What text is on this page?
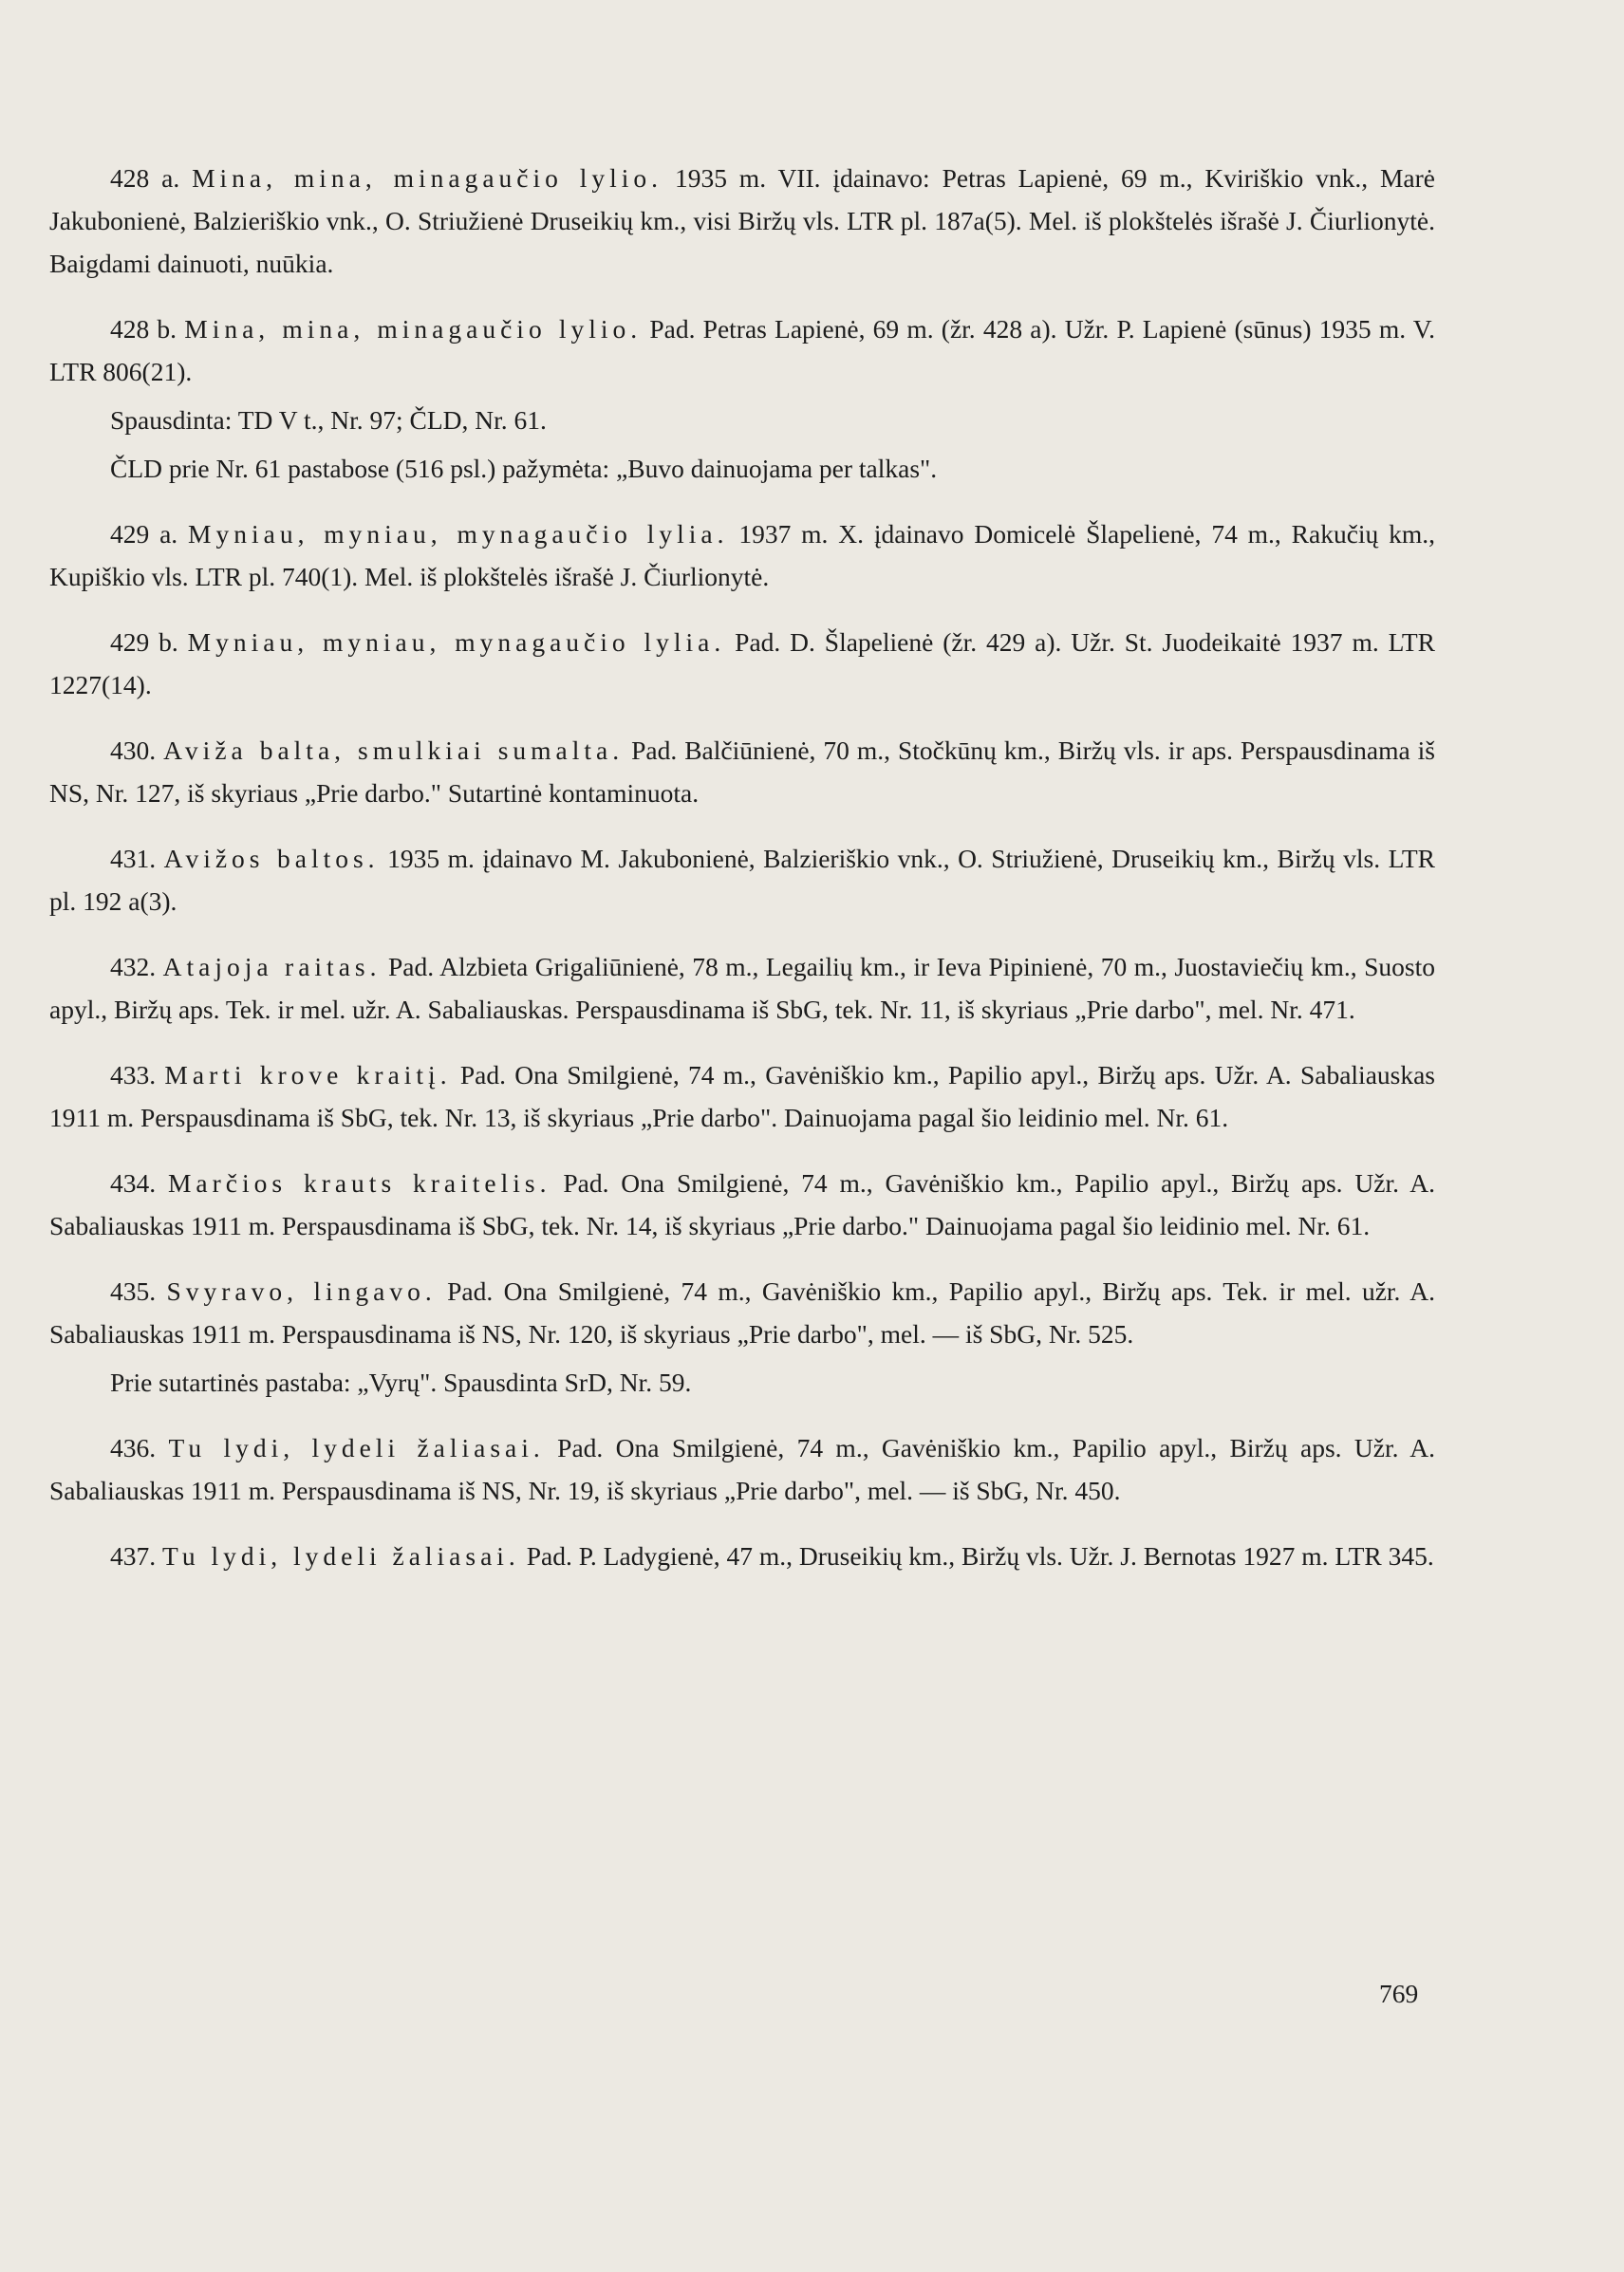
428 a. Mina, mina, minagaučio lylio. 1935 m. VII. įdainavo: Petras Lapienė, 69 m., Kviriškio vnk., Marė Jakubonienė, Balzieriškio vnk., O. Striužienė Druseikių km., visi Biržų vls. LTR pl. 187a(5). Mel. iš plokštelės išrašė J. Čiurlionytė. Baigdami dainuoti, nuūkia.

428 b. Mina, mina, minagaučio lylio. Pad. Petras Lapienė, 69 m. (žr. 428 a). Užr. P. Lapienė (sūnus) 1935 m. V. LTR 806(21).

Spausdinta: TD V t., Nr. 97; ČLD, Nr. 61.

ČLD prie Nr. 61 pastabose (516 psl.) pažymėta: „Buvo dainuojama per talkas".

429 a. Myniau, myniau, mynagaučio lylia. 1937 m. X. įdainavo Domicelė Šlapelienė, 74 m., Rakučių km., Kupiškio vls. LTR pl. 740(1). Mel. iš plokštelės išrašė J. Čiurlionytė.

429 b. Myniau, myniau, mynagaučio lylia. Pad. D. Šlapelienė (žr. 429 a). Užr. St. Juodeikaitė 1937 m. LTR 1227(14).

430. Aviža balta, smulkiai sumalta. Pad. Balčiūnienė, 70 m., Stočkūnų km., Biržų vls. ir aps. Perspausdinama iš NS, Nr. 127, iš skyriaus „Prie darbo." Sutartinė kontaminuota.

431. Avižos baltos. 1935 m. įdainavo M. Jakubonienė, Balzieriškio vnk., O. Striužienė, Druseikių km., Biržų vls. LTR pl. 192 a(3).

432. Atajoja raitas. Pad. Alzbieta Grigaliūnienė, 78 m., Legailių km., ir Ieva Pipinienė, 70 m., Juostaviečių km., Suosto apyl., Biržų aps. Tek. ir mel. užr. A. Sabaliauskas. Perspausdinama iš SbG, tek. Nr. 11, iš skyriaus „Prie darbo", mel. Nr. 471.

433. Marti krove kraitį. Pad. Ona Smilgienė, 74 m., Gavėniškio km., Papilio apyl., Biržų aps. Užr. A. Sabaliauskas 1911 m. Perspausdinama iš SbG, tek. Nr. 13, iš skyriaus „Prie darbo". Dainuojama pagal šio leidinio mel. Nr. 61.

434. Marčios krauts kraitelis. Pad. Ona Smilgienė, 74 m., Gavėniškio km., Papilio apyl., Biržų aps. Užr. A. Sabaliauskas 1911 m. Perspausdinama iš SbG, tek. Nr. 14, iš skyriaus „Prie darbo." Dainuojama pagal šio leidinio mel. Nr. 61.

435. Svyravo, lingavo. Pad. Ona Smilgienė, 74 m., Gavėniškio km., Papilio apyl., Biržų aps. Tek. ir mel. užr. A. Sabaliauskas 1911 m. Perspausdinama iš NS, Nr. 120, iš skyriaus „Prie darbo", mel. — iš SbG, Nr. 525.

Prie sutartinės pastaba: „Vyrų". Spausdinta SrD, Nr. 59.

436. Tu lydi, lydeli žaliasai. Pad. Ona Smilgienė, 74 m., Gavėniškio km., Papilio apyl., Biržų aps. Užr. A. Sabaliauskas 1911 m. Perspausdinama iš NS, Nr. 19, iš skyriaus „Prie darbo", mel. — iš SbG, Nr. 450.

437. Tu lydi, lydeli žaliasai. Pad. P. Ladygienė, 47 m., Druseikių km., Biržų vls. Užr. J. Bernotas 1927 m. LTR 345.

769
